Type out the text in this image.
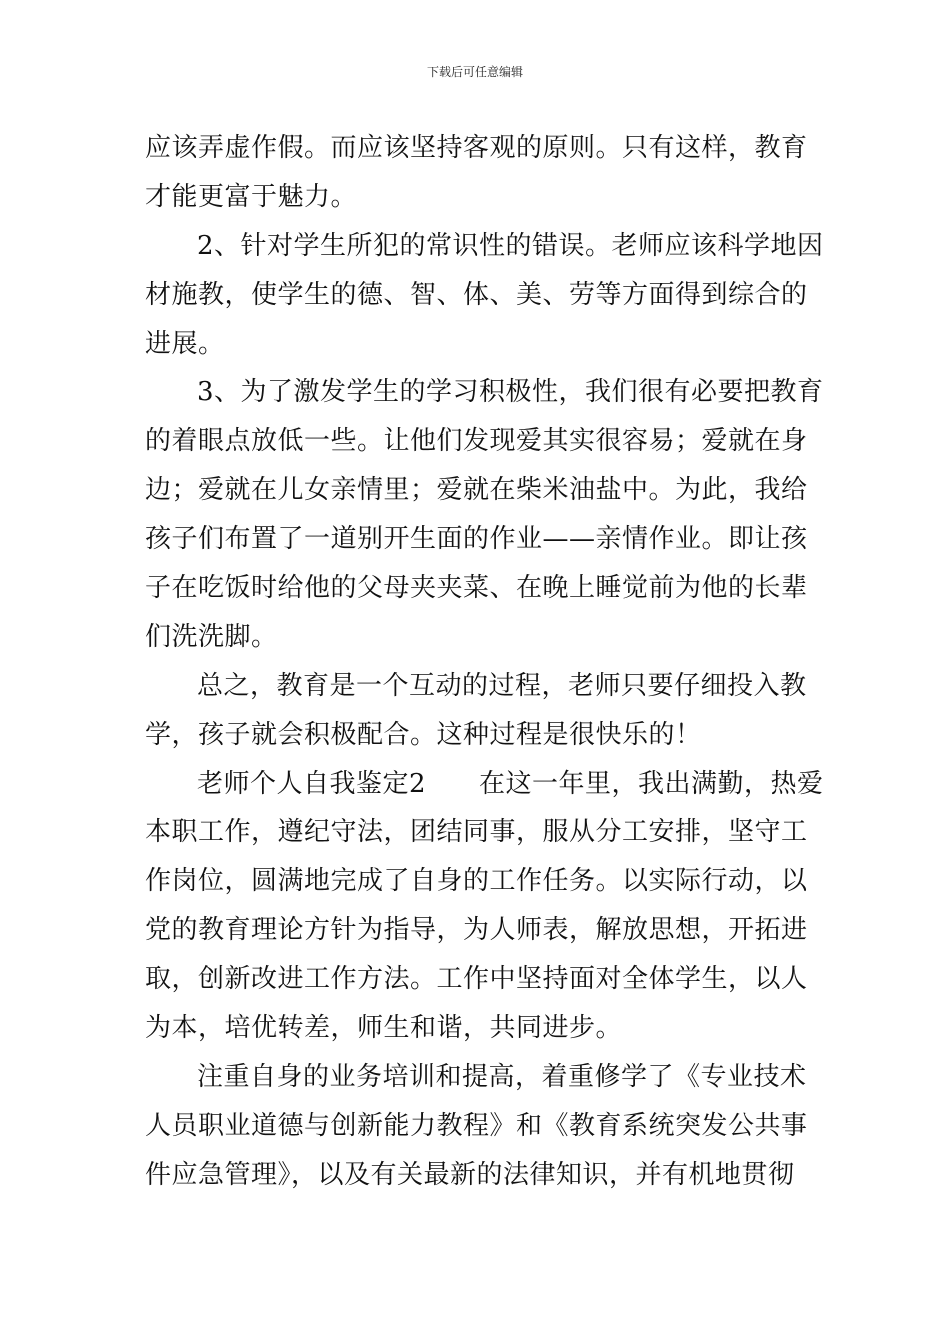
下载后可任意编辑
应该弄虚作假。而应该坚持客观的原则。只有这样，教育
才能更富于魅力。
2、针对学生所犯的常识性的错误。老师应该科学地因
材施教，使学生的德、智、体、美、劳等方面得到综合的
进展。
3、为了激发学生的学习积极性，我们很有必要把教育
的着眼点放低一些。让他们发现爱其实很容易；爱就在身
边；爱就在儿女亲情里；爱就在柴米油盐中。为此，我给
孩子们布置了一道别开生面的作业——亲情作业。即让孩
子在吃饭时给他的父母夹夹菜、在晚上睡觉前为他的长辈
们洗洗脚。
总之，教育是一个互动的过程，老师只要仔细投入教
学，孩子就会积极配合。这种过程是很快乐的！
老师个人自我鉴定2　　在这一年里，我出满勤，热爱
本职工作，遵纪守法，团结同事，服从分工安排，坚守工
作岗位，圆满地完成了自身的工作任务。以实际行动，以
党的教育理论方针为指导，为人师表，解放思想，开拓进
取，创新改进工作方法。工作中坚持面对全体学生，以人
为本，培优转差，师生和谐，共同进步。
注重自身的业务培训和提高，着重修学了《专业技术
人员职业道德与创新能力教程》和《教育系统突发公共事
件应急管理》，以及有关最新的法律知识，并有机地贯彻
